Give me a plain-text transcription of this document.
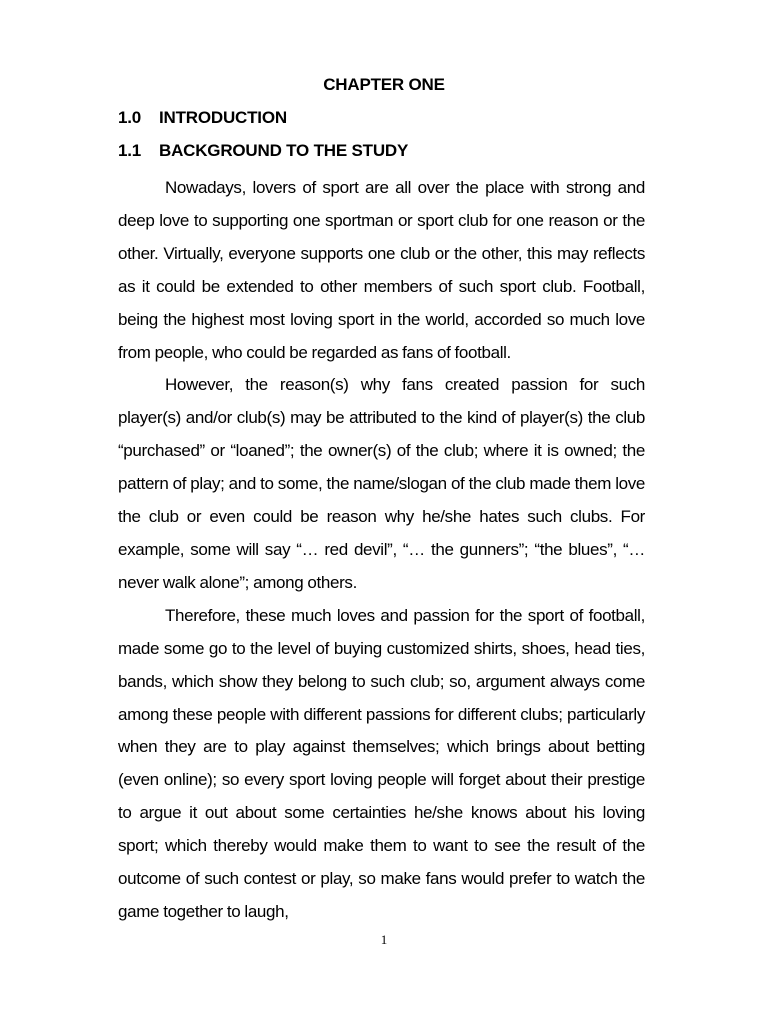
CHAPTER ONE
1.0 INTRODUCTION
1.1 BACKGROUND TO THE STUDY

Nowadays, lovers of sport are all over the place with strong and deep love to supporting one sportman or sport club for one reason or the other. Virtually, everyone supports one club or the other, this may reflects as it could be extended to other members of such sport club. Football, being the highest most loving sport in the world, accorded so much love from people, who could be regarded as fans of football.

However, the reason(s) why fans created passion for such player(s) and/or club(s) may be attributed to the kind of player(s) the club “purchased” or “loaned”; the owner(s) of the club; where it is owned; the pattern of play; and to some, the name/slogan of the club made them love the club or even could be reason why he/she hates such clubs. For example, some will say “… red devil”, “… the gunners”; “the blues”, “… never walk alone”; among others.

Therefore, these much loves and passion for the sport of football, made some go to the level of buying customized shirts, shoes, head ties, bands, which show they belong to such club; so, argument always come among these people with different passions for different clubs; particularly when they are to play against themselves; which brings about betting (even online); so every sport loving people will forget about their prestige to argue it out about some certainties he/she knows about his loving sport; which thereby would make them to want to see the result of the outcome of such contest or play, so make fans would prefer to watch the game together to laugh,

1
